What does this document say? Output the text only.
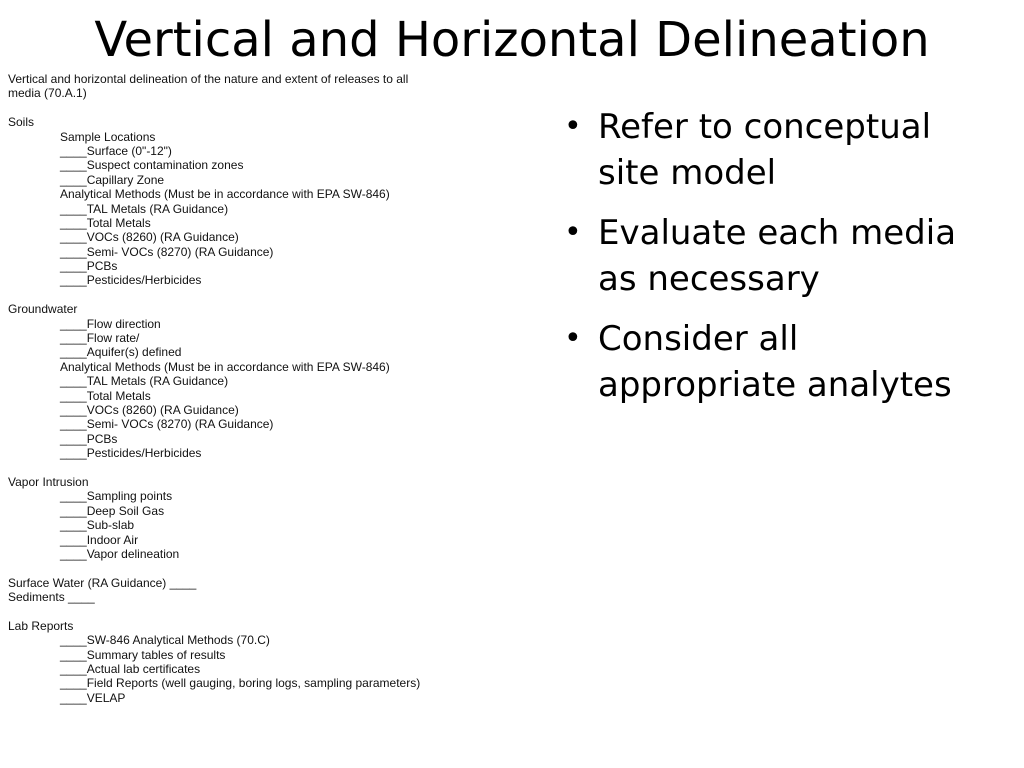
Vertical and Horizontal Delineation
Vertical and horizontal delineation of the nature and extent of releases to all
media (70.A.1)
Soils
Sample Locations
____Surface (0"-12")
____Suspect contamination zones
____Capillary Zone
Analytical Methods (Must be in accordance with EPA SW-846)
____TAL Metals (RA Guidance)
____Total Metals
____VOCs (8260) (RA Guidance)
____Semi- VOCs (8270) (RA Guidance)
____PCBs
____Pesticides/Herbicides
Groundwater
____Flow direction
____Flow rate/
____Aquifer(s) defined
Analytical Methods (Must be in accordance with EPA SW-846)
____TAL Metals (RA Guidance)
____Total Metals
____VOCs (8260) (RA Guidance)
____Semi- VOCs (8270) (RA Guidance)
____PCBs
____Pesticides/Herbicides
Vapor Intrusion
____Sampling points
____Deep Soil Gas
____Sub-slab
____Indoor Air
____Vapor delineation
Surface Water (RA Guidance) ____
Sediments ____
Lab Reports
____SW-846 Analytical Methods (70.C)
____Summary tables of results
____Actual lab certificates
____Field Reports (well gauging, boring logs, sampling parameters)
____VELAP
• Refer to conceptual site model
• Evaluate each media as necessary
• Consider all appropriate analytes
